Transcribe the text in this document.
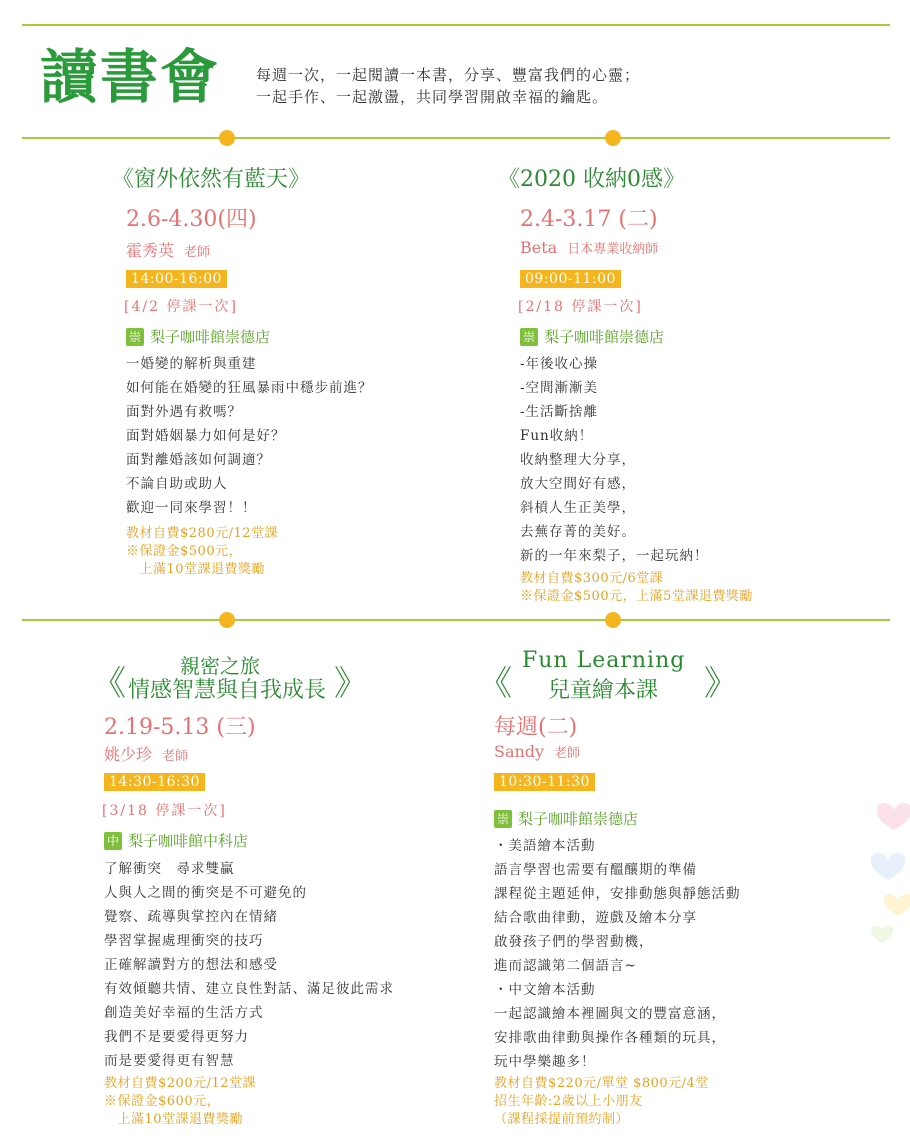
讀書會 每週一次，一起閱讀一本書，分享、豐富我們的心靈；
一起手作、一起激盪，共同學習開啟幸福的鑰匙。
《窗外依然有藍天》
2.6-4.30(四)
霍秀英 老師
14:00-16:00
[4/2 停課一次]
崇 梨子咖啡館崇德店
一婚變的解析與重建
如何能在婚變的狂風暴雨中穩步前進？
面對外遇有救嗎？
面對婚姻暴力如何是好？
面對離婚該如何調適？
不論自助或助人
歡迎一同來學習！！
教材自費$280元/12堂課
※保證金$500元，
　上滿10堂課退費獎勵
《2020 收納0感》
2.4-3.17 (二)
Beta 日本專業收納師
09:00-11:00
[2/18 停課一次]
崇 梨子咖啡館崇德店
-年後收心操
-空間漸漸美
-生活斷捨離
Fun收納！
收納整理大分享，
放大空間好有感，
斜槓人生正美學，
去蕪存菁的美好。
新的一年來梨子，一起玩納！
教材自費$300元/6堂課
※保證金$500元，上滿5堂課退費獎勵
《	親密之旅
情感智慧與自我成長 》
2.19-5.13 (三)
姚少珍 老師
14:30-16:30
[3/18 停課一次]
中 梨子咖啡館中科店
了解衝突　尋求雙贏
人與人之間的衝突是不可避免的
覺察、疏導與掌控內在情緒
學習掌握處理衝突的技巧
正確解讀對方的想法和感受
有效傾聽共情、建立良性對話、滿足彼此需求
創造美好幸福的生活方式
我們不是要愛得更努力
而是要愛得更有智慧
教材自費$200元/12堂課
※保證金$600元，
　上滿10堂課退費獎勵
《
Fun Learning
兒童繪本課 》
每週(二)
Sandy 老師
10:30-11:30
崇 梨子咖啡館崇德店
・美語繪本活動
語言學習也需要有醞釀期的準備
課程從主題延伸，安排動態與靜態活動
結合歌曲律動，遊戲及繪本分享
啟發孩子們的學習動機，
進而認識第二個語言~
・中文繪本活動
一起認識繪本裡圖與文的豐富意涵，
安排歌曲律動與操作各種類的玩具，
玩中學樂趣多！
教材自費$220元/單堂 $800元/4堂
招生年齡:2歲以上小朋友
（課程採提前預約制）
